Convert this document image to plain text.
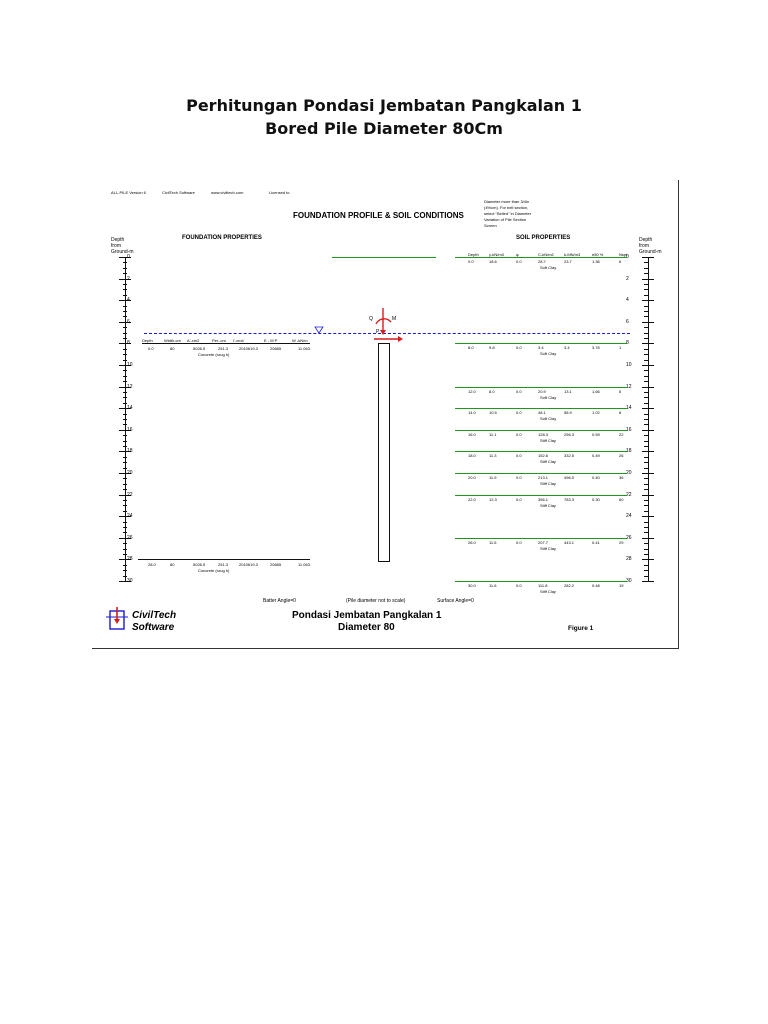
Perhitungan Pondasi Jembatan Pangkalan 1
Bored Pile Diameter 80Cm
ALL-PILE Version 6	CivilTech Software	www.civiltech.com	Licensed to
Diameter more than 3/4in
(4%cm). For bell section,
select "Belled" in Diameter
Variation of Pile Section
Screen
FOUNDATION PROFILE & SOIL CONDITIONS
Depth
from
Ground-m
Depth
from
Ground-m
FOUNDATION PROPERTIES	SOIL PROPERTIES
0	0
2	2
4	4
6	6
8	8
10	10
12	12
14	14
16	16
18	18
20	20
22	22
24	24
26	26
28	28
30	30
Depth	Width-cm A'-cm2	Per.-cm I'-cm4	E - M P	W -kN/m
0.0	80	5026.5	251.3	2010619.3	20685	11.063
Concrete (roug h)
28.0	80	5026.5	251.3	2010619.3	20685	11.063
Concrete (roug h)
Q	M
P
Depth	γ-kN/m3	φ	C-kN/m2	k-MN/m3	e50 %	Nspt
0.0	18.6	0.0	28.7	23.7	1.36	6
Soft Clay
8.0	9.8	0.0	3.4	3.4	3.76	1
Soft Clay
12.0	8.0	0.0	20.9	13.1	1.66	5
Soft Clay
14.0	10.5	0.0	48.1	58.9	1.02	8
Soft Clay
16.0	11.1	0.0	128.3	256.3	0.59	22
Stiff Clay
18.0	11.3	0.0	152.6	332.5	0.49	26
Stiff Clay
20.0	11.9	0.0	213.1	496.0	0.40	36
Stiff Clay
22.0	12.3	0.0	356.1	783.3	0.30	60
Stiff Clay
26.0	11.6	0.0	207.7	443.1	0.41	29
Stiff Clay
30.0	11.6	0.0	111.8	282.2	0.48	19
Stiff Clay
Batter Angle=0	(Pile diameter not to scale)	Surface Angle=0
CivilTech
Software
Pondasi Jembatan Pangkalan 1
Diameter 80	Figure 1
